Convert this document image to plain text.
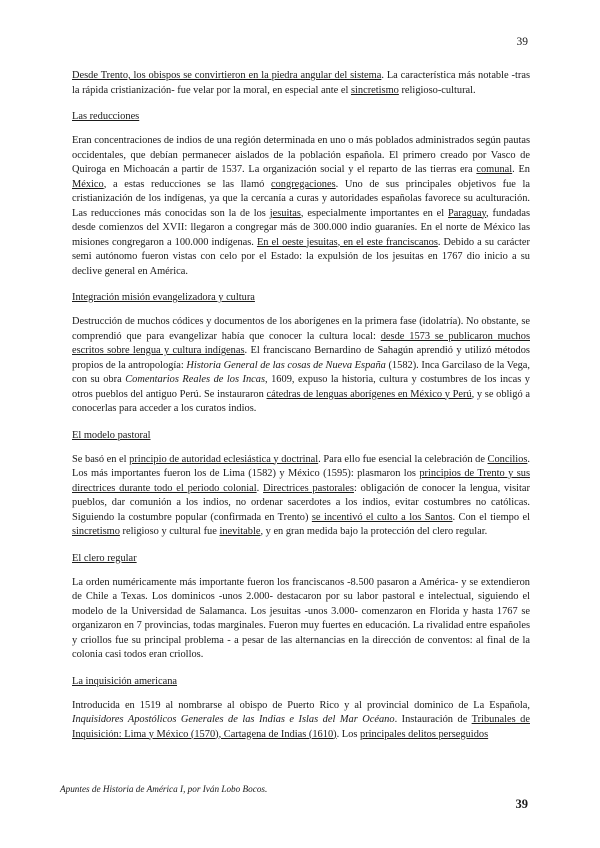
39

Desde Trento, los obispos se convirtieron en la piedra angular del sistema. La característica más notable -tras la rápida cristianización- fue velar por la moral, en especial ante el sincretismo religioso-cultural.

Las reducciones

Eran concentraciones de indios de una región determinada en uno o más poblados administrados según pautas occidentales, que debían permanecer aislados de la población española. El primero creado por Vasco de Quiroga en Michoacán a partir de 1537. La organización social y el reparto de las tierras era comunal. En México, a estas reducciones se las llamó congregaciones. Uno de sus principales objetivos fue la cristianización de los indígenas, ya que la cercanía a curas y autoridades españolas favorece su aculturación. Las reducciones más conocidas son la de los jesuitas, especialmente importantes en el Paraguay, fundadas desde comienzos del XVII: llegaron a congregar más de 300.000 indio guaraníes. En el norte de México las misiones congregaron a 100.000 indígenas. En el oeste jesuitas, en el este franciscanos. Debido a su carácter semi autónomo fueron vistas con celo por el Estado: la expulsión de los jesuitas en 1767 dio inicio a su declive general en América.

Integración misión evangelizadora y cultura

Destrucción de muchos códices y documentos de los aborígenes en la primera fase (idolatría). No obstante, se comprendió que para evangelizar había que conocer la cultura local: desde 1573 se publicaron muchos escritos sobre lengua y cultura indígenas. El franciscano Bernardino de Sahagún aprendió y utilizó métodos propios de la antropología: Historia General de las cosas de Nueva España (1582). Inca Garcilaso de la Vega, con su obra Comentarios Reales de los Incas, 1609, expuso la historia, cultura y costumbres de los incas y otros pueblos del antiguo Perú. Se instauraron cátedras de lenguas aborígenes en México y Perú, y se obligó a conocerlas para acceder a los curatos indios.

El modelo pastoral

Se basó en el principio de autoridad eclesiástica y doctrinal. Para ello fue esencial la celebración de Concilios. Los más importantes fueron los de Lima (1582) y México (1595): plasmaron los principios de Trento y sus directrices durante todo el periodo colonial. Directrices pastorales: obligación de conocer la lengua, visitar pueblos, dar comunión a los indios, no ordenar sacerdotes a los indios, evitar costumbres no católicas. Siguiendo la costumbre popular (confirmada en Trento) se incentivó el culto a los Santos. Con el tiempo el sincretismo religioso y cultural fue inevitable, y en gran medida bajo la protección del clero regular.

El clero regular

La orden numéricamente más importante fueron los franciscanos -8.500 pasaron a América- y se extendieron de Chile a Texas. Los dominicos -unos 2.000- destacaron por su labor pastoral e intelectual, siguiendo el modelo de la Universidad de Salamanca. Los jesuitas -unos 3.000- comenzaron en Florida y hasta 1767 se organizaron en 7 provincias, todas marginales. Fueron muy fuertes en educación. La rivalidad entre españoles y criollos fue su principal problema - a pesar de las alternancias en la dirección de conventos: al final de la colonia casi todos eran criollos.

La inquisición americana

Introducida en 1519 al nombrarse al obispo de Puerto Rico y al provincial dominico de La Española, Inquisidores Apostólicos Generales de las Indias e Islas del Mar Océano. Instauración de Tribunales de Inquisición: Lima y México (1570), Cartagena de Indias (1610). Los principales delitos perseguidos

Apuntes de Historia de América I, por Iván Lobo Bocos.
39
